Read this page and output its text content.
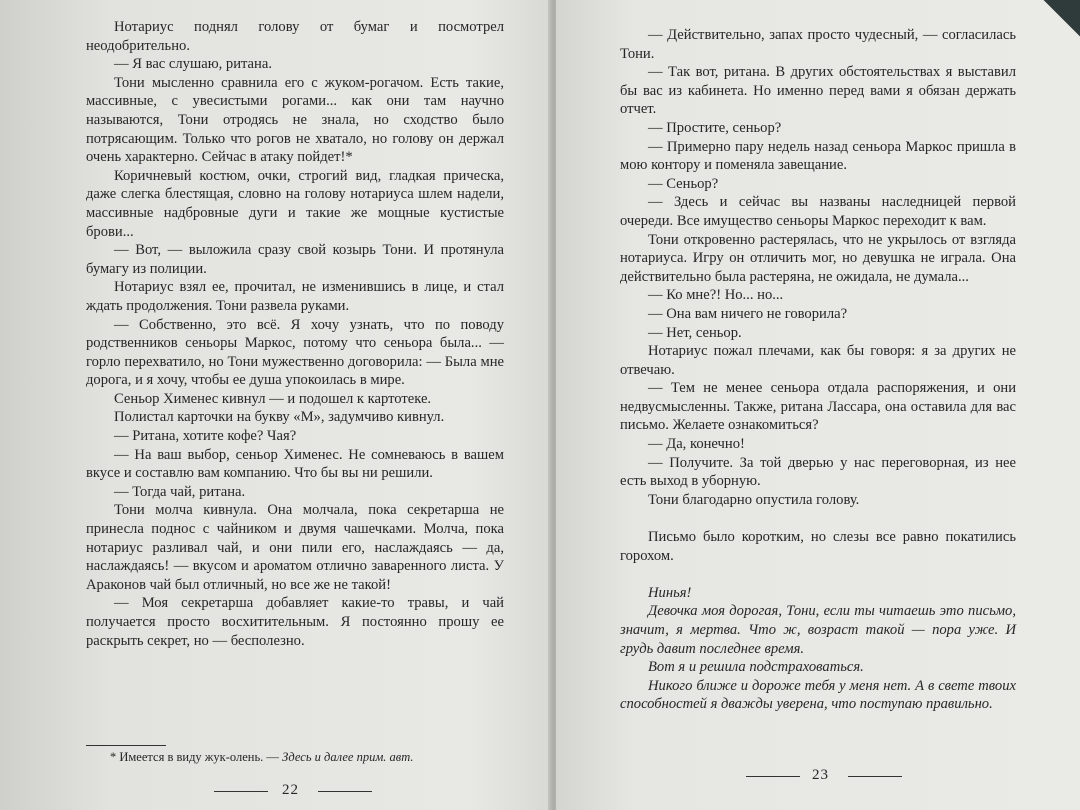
Нотариус поднял голову от бумаг и посмотрел неодобрительно.

— Я вас слушаю, ритана.

Тони мысленно сравнила его с жуком-рогачом. Есть такие, массивные, с увесистыми рогами... как они там научно называются, Тони отродясь не знала, но сходство было потрясающим. Только что рогов не хватало, но голову он держал очень характерно. Сейчас в атаку пойдет!*

Коричневый костюм, очки, строгий вид, гладкая прическа, даже слегка блестящая, словно на голову нотариуса шлем надели, массивные надбровные дуги и такие же мощные кустистые брови...

— Вот, — выложила сразу свой козырь Тони. И протянула бумагу из полиции.

Нотариус взял ее, прочитал, не изменившись в лице, и стал ждать продолжения. Тони развела руками.

— Собственно, это всё. Я хочу узнать, что по поводу родственников сеньоры Маркос, потому что сеньора была... — горло перехватило, но Тони мужественно договорила: — Была мне дорога, и я хочу, чтобы ее душа упокоилась в мире.

Сеньор Хименес кивнул — и подошел к картотеке.

Полистал карточки на букву «М», задумчиво кивнул.

— Ритана, хотите кофе? Чая?

— На ваш выбор, сеньор Хименес. Не сомневаюсь в вашем вкусе и составлю вам компанию. Что бы вы ни решили.

— Тогда чай, ритана.

Тони молча кивнула. Она молчала, пока секретарша не принесла поднос с чайником и двумя чашечками. Молча, пока нотариус разливал чай, и они пили его, наслаждаясь — да, наслаждаясь! — вкусом и ароматом отлично заваренного листа. У Араконов чай был отличный, но все же не такой!

— Моя секретарша добавляет какие-то травы, и чай получается просто восхитительным. Я постоянно прошу ее раскрыть секрет, но — бесполезно.

* Имеется в виду жук-олень. — Здесь и далее прим. авт.
22

— Действительно, запах просто чудесный, — согласилась Тони.

— Так вот, ритана. В других обстоятельствах я выставил бы вас из кабинета. Но именно перед вами я обязан держать отчет.

— Простите, сеньор?

— Примерно пару недель назад сеньора Маркос пришла в мою контору и поменяла завещание.

— Сеньор?

— Здесь и сейчас вы названы наследницей первой очереди. Все имущество сеньоры Маркос переходит к вам.

Тони откровенно растерялась, что не укрылось от взгляда нотариуса. Игру он отличить мог, но девушка не играла. Она действительно была растеряна, не ожидала, не думала...

— Ко мне?! Но... но...

— Она вам ничего не говорила?

— Нет, сеньор.

Нотариус пожал плечами, как бы говоря: я за других не отвечаю.

— Тем не менее сеньора отдала распоряжения, и они недвусмысленны. Также, ритана Лассара, она оставила для вас письмо. Желаете ознакомиться?

— Да, конечно!

— Получите. За той дверью у нас переговорная, из нее есть выход в уборную.

Тони благодарно опустила голову.

Письмо было коротким, но слезы все равно покатились горохом.

Нинья!

Девочка моя дорогая, Тони, если ты читаешь это письмо, значит, я мертва. Что ж, возраст такой — пора уже. И грудь давит последнее время.

Вот я и решила подстраховаться.

Никого ближе и дороже тебя у меня нет. А в свете твоих способностей я дважды уверена, что поступаю правильно.

23
